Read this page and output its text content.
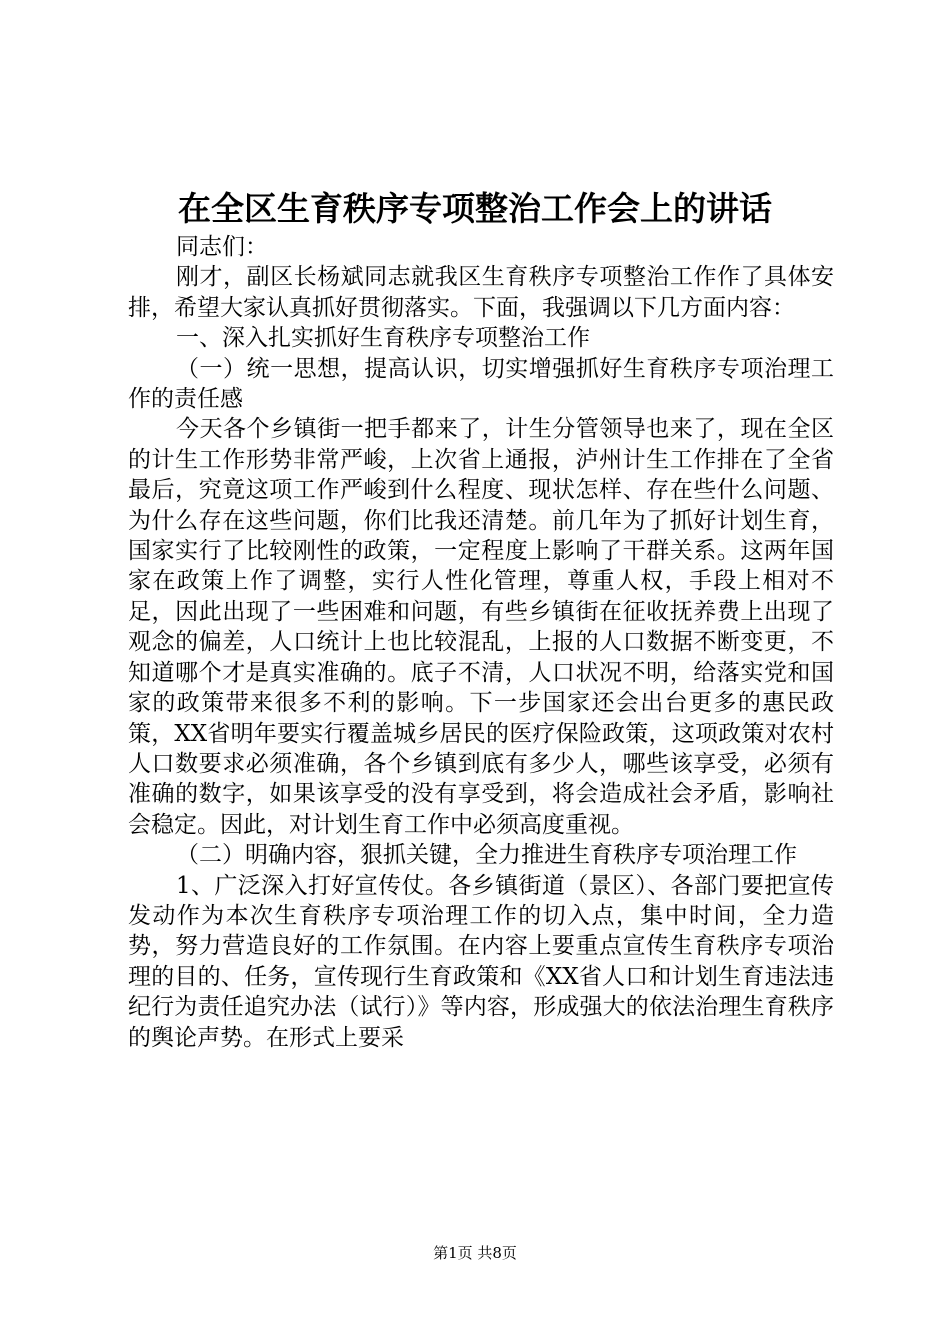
在全区生育秩序专项整治工作会上的讲话

同志们：

刚才，副区长杨斌同志就我区生育秩序专项整治工作作了具体安排，希望大家认真抓好贯彻落实。下面，我强调以下几方面内容：

一、深入扎实抓好生育秩序专项整治工作

（一）统一思想，提高认识，切实增强抓好生育秩序专项治理工作的责任感

今天各个乡镇街一把手都来了，计生分管领导也来了，现在全区的计生工作形势非常严峻，上次省上通报，泸州计生工作排在了全省最后，究竟这项工作严峻到什么程度、现状怎样、存在些什么问题、为什么存在这些问题，你们比我还清楚。前几年为了抓好计划生育，国家实行了比较刚性的政策，一定程度上影响了干群关系。这两年国家在政策上作了调整，实行人性化管理，尊重人权，手段上相对不足，因此出现了一些困难和问题，有些乡镇街在征收抚养费上出现了观念的偏差，人口统计上也比较混乱，上报的人口数据不断变更，不知道哪个才是真实准确的。底子不清，人口状况不明，给落实党和国家的政策带来很多不利的影响。下一步国家还会出台更多的惠民政策，XX省明年要实行覆盖城乡居民的医疗保险政策，这项政策对农村人口数要求必须准确，各个乡镇到底有多少人，哪些该享受，必须有准确的数字，如果该享受的没有享受到，将会造成社会矛盾，影响社会稳定。因此，对计划生育工作中必须高度重视。

（二）明确内容，狠抓关键，全力推进生育秩序专项治理工作

1、广泛深入打好宣传仗。各乡镇街道（景区）、各部门要把宣传发动作为本次生育秩序专项治理工作的切入点，集中时间，全力造势，努力营造良好的工作氛围。在内容上要重点宣传生育秩序专项治理的目的、任务，宣传现行生育政策和《XX省人口和计划生育违法违纪行为责任追究办法（试行）》等内容，形成强大的依法治理生育秩序的舆论声势。在形式上要采

第1页 共8页
